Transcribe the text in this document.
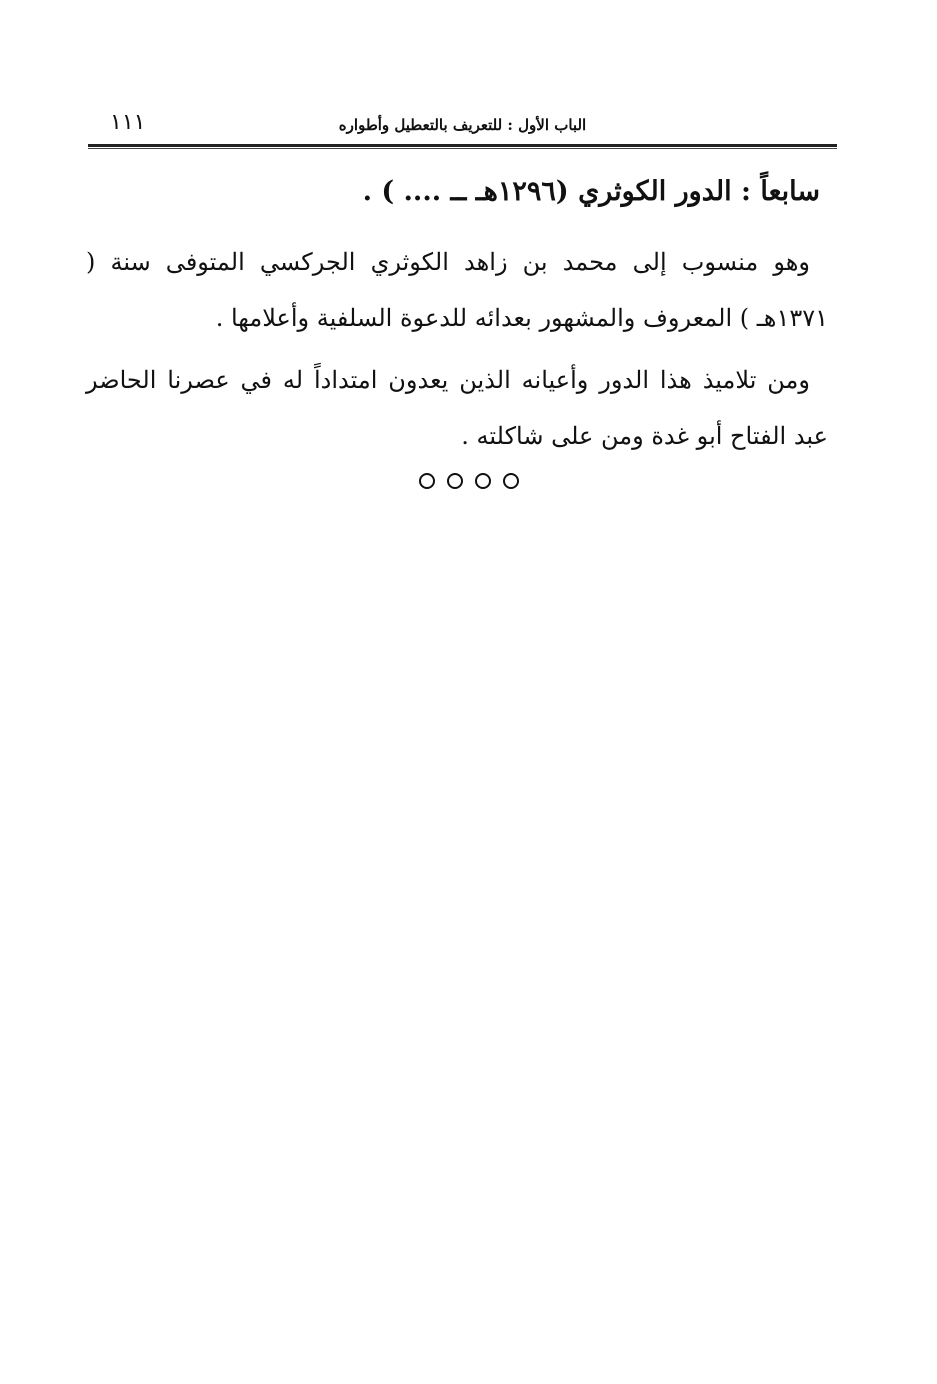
١١١	الباب الأول : للتعريف بالتعطيل وأطواره
سابعاً : الدور الكوثري (١٢٩٦هـ ــ .... ) .

وهو منسوب إلى محمد بن زاهد الكوثري الجركسي المتوفى سنة ( ١٣٧١هـ ) المعروف والمشهور بعدائه للدعوة السلفية وأعلامها .

ومن تلاميذ هذا الدور وأعيانه الذين يعدون امتداداً له في عصرنا الحاضر عبد الفتاح أبو غدة ومن على شاكلته .
